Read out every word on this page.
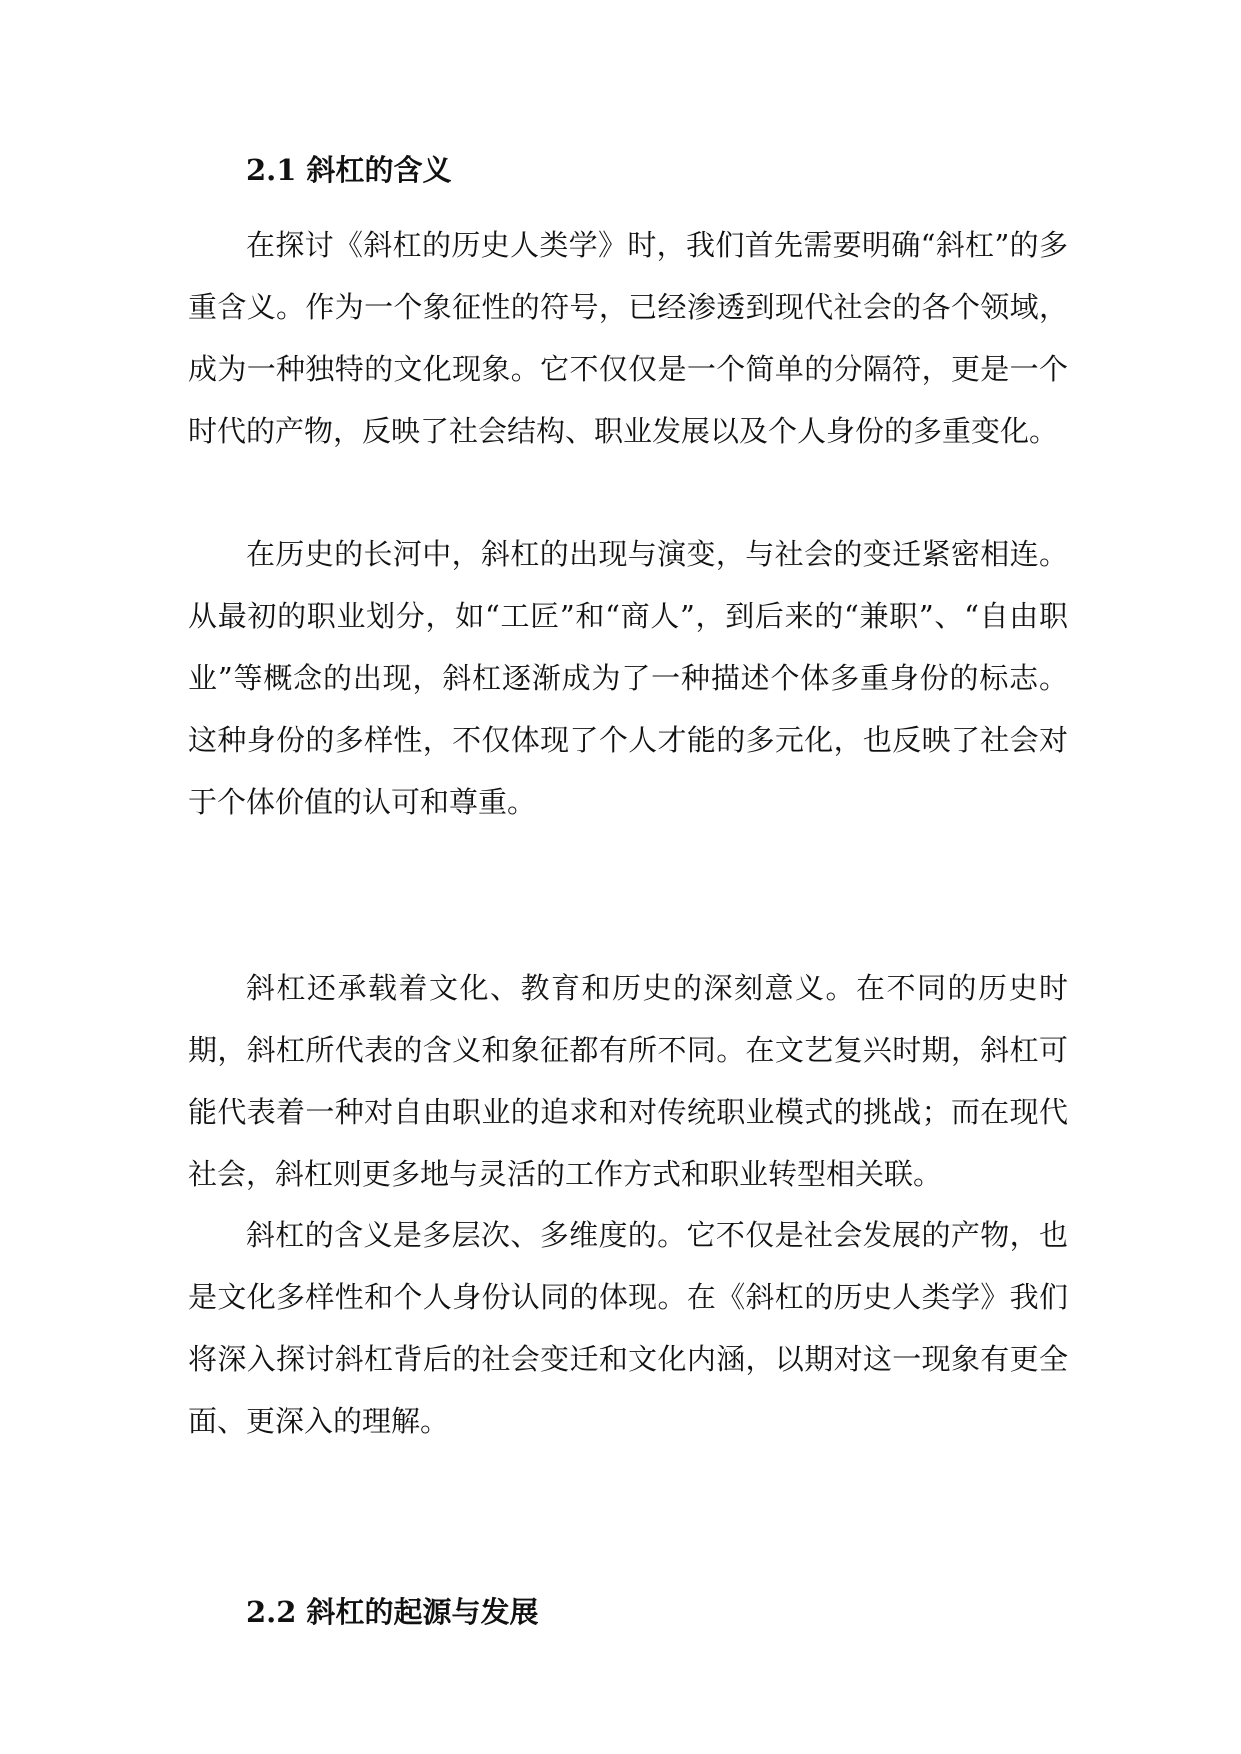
2.1 斜杠的含义

在探讨《斜杠的历史人类学》时，我们首先需要明确“斜杠”的多重含义。作为一个象征性的符号，已经渗透到现代社会的各个领域，成为一种独特的文化现象。它不仅仅是一个简单的分隔符，更是一个时代的产物，反映了社会结构、职业发展以及个人身份的多重变化。

在历史的长河中，斜杠的出现与演变，与社会的变迁紧密相连。从最初的职业划分，如“工匠”和“商人”，到后来的“兼职”、“自由职业”等概念的出现，斜杠逐渐成为了一种描述个体多重身份的标志。这种身份的多样性，不仅体现了个人才能的多元化，也反映了社会对于个体价值的认可和尊重。

斜杠还承载着文化、教育和历史的深刻意义。在不同的历史时期，斜杠所代表的含义和象征都有所不同。在文艺复兴时期，斜杠可能代表着一种对自由职业的追求和对传统职业模式的挑战；而在现代社会，斜杠则更多地与灵活的工作方式和职业转型相关联。

斜杠的含义是多层次、多维度的。它不仅是社会发展的产物，也是文化多样性和个人身份认同的体现。在《斜杠的历史人类学》我们将深入探讨斜杠背后的社会变迁和文化内涵，以期对这一现象有更全面、更深入的理解。

2.2 斜杠的起源与发展
